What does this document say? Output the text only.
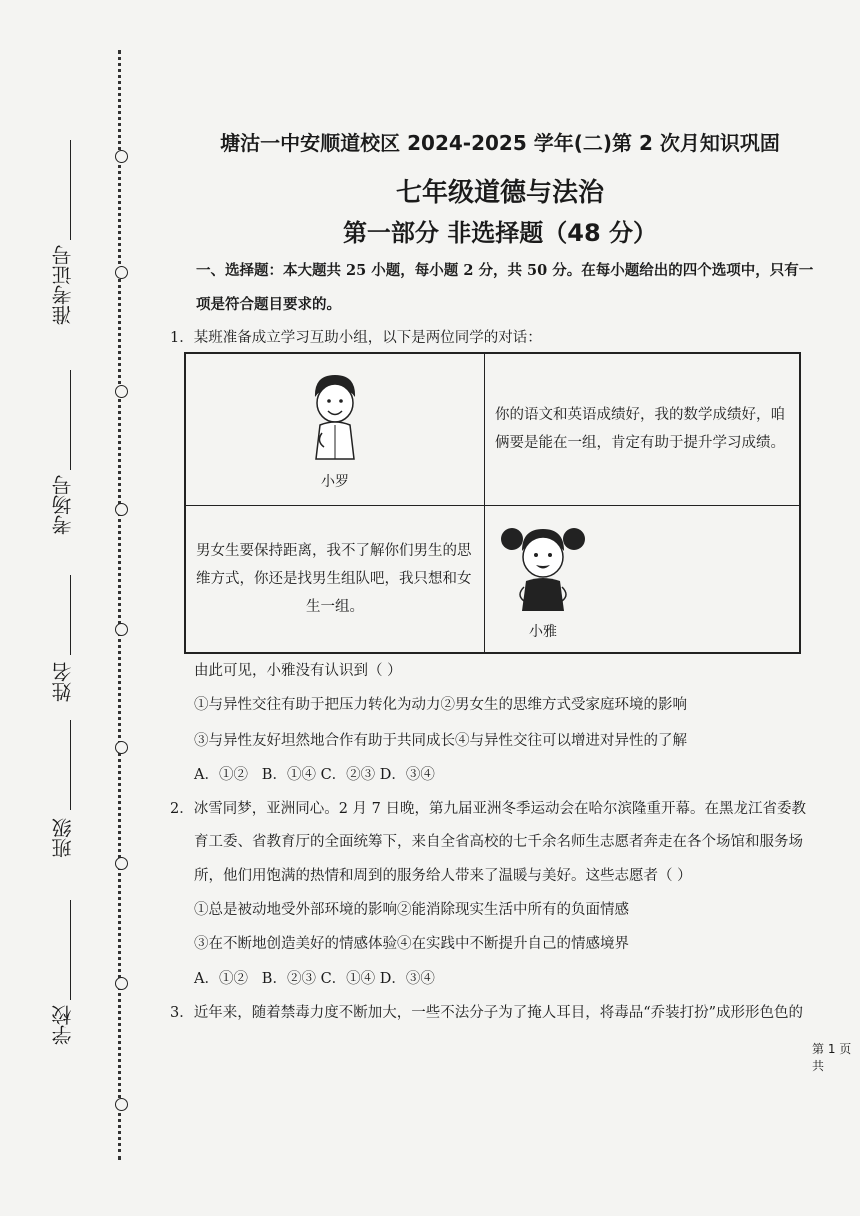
准考证号
考场号
姓名
班级
学校
塘沽一中安顺道校区 2024-2025 学年(二)第 2 次月知识巩固
七年级道德与法治
第一部分 非选择题（48 分）
一、选择题：本大题共 25 小题，每小题 2 分，共 50 分。在每小题给出的四个选项中，只有一
项是符合题目要求的。
1．某班准备成立学习互助小组，以下是两位同学的对话：
小罗	你的语文和英语成绩好，我的数学成绩好，咱
俩要是能在一组，肯定有助于提升学习成绩。

男女生要保持距离，我不了解你们男生的思
维方式，你还是找男生组队吧，我只想和女
生一组。	小雅
由此可见，小雅没有认识到（ ）
①与异性交往有助于把压力转化为动力②男女生的思维方式受家庭环境的影响
③与异性友好坦然地合作有助于共同成长④与异性交往可以增进对异性的了解
A．①②   B．①④ C．②③ D．③④
2．冰雪同梦，亚洲同心。2 月 7 日晚，第九届亚洲冬季运动会在哈尔滨隆重开幕。在黑龙江省委教
育工委、省教育厅的全面统筹下，来自全省高校的七千余名师生志愿者奔走在各个场馆和服务场
所，他们用饱满的热情和周到的服务给人带来了温暖与美好。这些志愿者（ ）
①总是被动地受外部环境的影响②能消除现实生活中所有的负面情感
③在不断地创造美好的情感体验④在实践中不断提升自己的情感境界
A．①②   B．②③ C．①④ D．③④
3．近年来，随着禁毒力度不断加大，一些不法分子为了掩人耳目，将毒品“乔装打扮”成形形色色的
第 1 页 共
